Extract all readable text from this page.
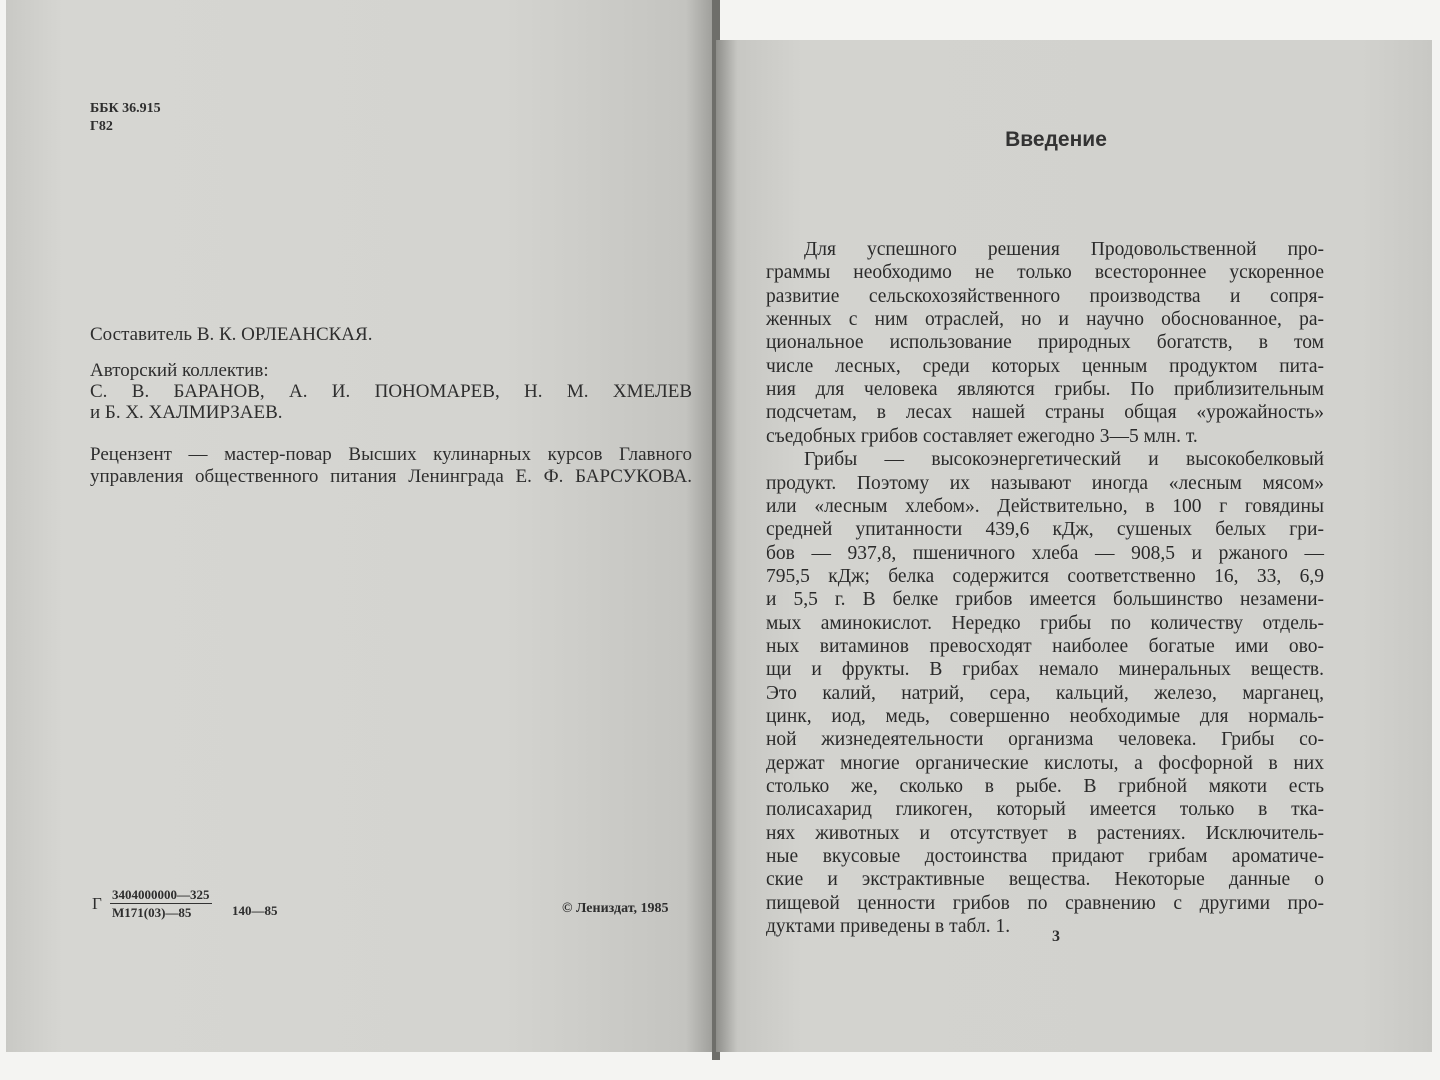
ББК 36.915
Г82
Составитель В. К. ОРЛЕАНСКАЯ.
Авторский коллектив:
С. В. БАРАНОВ, А. И. ПОНОМАРЕВ, Н. М. ХМЕЛЕВ
и Б. Х. ХАЛМИРЗАЕВ.
Рецензент — мастер-повар Высших кулинарных курсов Главного
управления общественного питания Ленинграда Е. Ф. БАРСУКОВА.
Г 3404000000—325
М171(03)—85	140—85	© Лениздат, 1985
Введение
Для успешного решения Продовольственной про-
граммы необходимо не только всестороннее ускоренное
развитие сельскохозяйственного производства и сопря-
женных с ним отраслей, но и научно обоснованное, ра-
циональное использование природных богатств, в том
числе лесных, среди которых ценным продуктом пита-
ния для человека являются грибы. По приблизительным
подсчетам, в лесах нашей страны общая «урожайность»
съедобных грибов составляет ежегодно 3—5 млн. т.
Грибы — высокоэнергетический и высокобелковый
продукт. Поэтому их называют иногда «лесным мясом»
или «лесным хлебом». Действительно, в 100 г говядины
средней упитанности 439,6 кДж, сушеных белых гри-
бов — 937,8, пшеничного хлеба — 908,5 и ржаного —
795,5 кДж; белка содержится соответственно 16, 33, 6,9
и 5,5 г. В белке грибов имеется большинство незамени-
мых аминокислот. Нередко грибы по количеству отдель-
ных витаминов превосходят наиболее богатые ими ово-
щи и фрукты. В грибах немало минеральных веществ.
Это калий, натрий, сера, кальций, железо, марганец,
цинк, иод, медь, совершенно необходимые для нормаль-
ной жизнедеятельности организма человека. Грибы со-
держат многие органические кислоты, а фосфорной в них
столько же, сколько в рыбе. В грибной мякоти есть
полисахарид гликоген, который имеется только в тка-
нях животных и отсутствует в растениях. Исключитель-
ные вкусовые достоинства придают грибам ароматиче-
ские и экстрактивные вещества. Некоторые данные о
пищевой ценности грибов по сравнению с другими про-
дуктами приведены в табл. 1.	3
